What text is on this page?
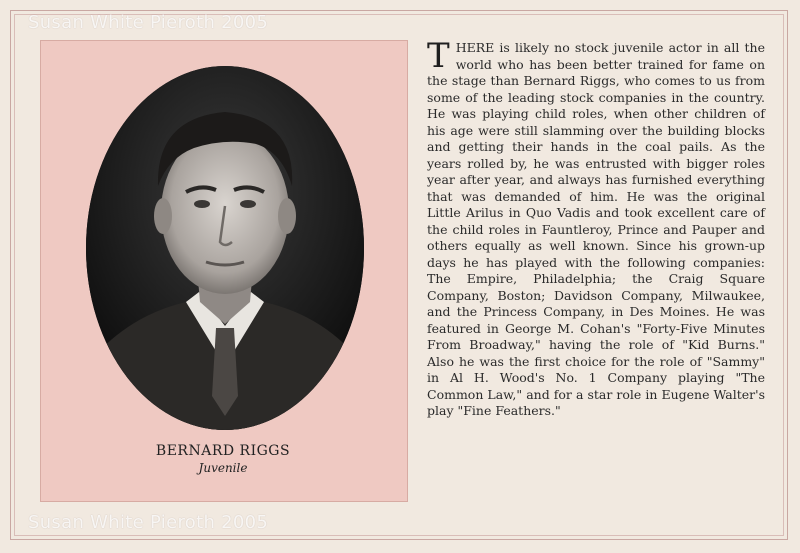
Susan White Pieroth 2005
BERNARD RIGGS
Juvenile
THERE is likely no stock juvenile actor in all the world who has been better trained for fame on the stage than Bernard Riggs, who comes to us from some of the leading stock companies in the country. He was playing child roles, when other children of his age were still slamming over the building blocks and getting their hands in the coal pails. As the years rolled by, he was entrusted with bigger roles year after year, and always has furnished everything that was demanded of him. He was the original Little Arilus in Quo Vadis and took excellent care of the child roles in Fauntleroy, Prince and Pauper and others equally as well known. Since his grown-up days he has played with the following companies: The Empire, Philadelphia; the Craig Square Company, Boston; Davidson Company, Milwaukee, and the Princess Company, in Des Moines. He was featured in George M. Cohan's "Forty-Five Minutes From Broadway," having the role of "Kid Burns." Also he was the first choice for the role of "Sammy" in Al H. Wood's No. 1 Company playing "The Common Law," and for a star role in Eugene Walter's play "Fine Feathers."
Susan White Pieroth 2005
